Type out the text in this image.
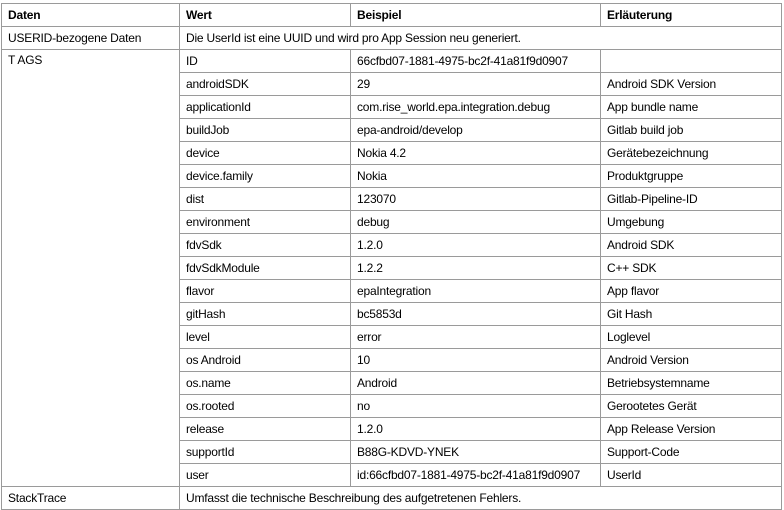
Daten	Wert	Beispiel	Erläuterung
USERID-bezogene Daten	Die UserId ist eine UUID und wird pro App Session neu generiert.		
T AGS	ID	66cfbd07-1881-4975-bc2f-41a81f9d0907	
	androidSDK	29	Android SDK Version
	applicationId	com.rise_world.epa.integration.debug	App bundle name
	buildJob	epa-android/develop	Gitlab build job
	device	Nokia 4.2	Gerätebezeichnung
	device.family	Nokia	Produktgruppe
	dist	123070	Gitlab-Pipeline-ID
	environment	debug	Umgebung
	fdvSdk	1.2.0	Android SDK
	fdvSdkModule	1.2.2	C++ SDK
	flavor	epaIntegration	App flavor
	gitHash	bc5853d	Git Hash
	level	error	Loglevel
	os Android	10	Android Version
	os.name	Android	Betriebsystemname
	os.rooted	no	Gerootetes Gerät
	release	1.2.0	App Release Version
	supportId	B88G-KDVD-YNEK	Support-Code
	user	id:66cfbd07-1881-4975-bc2f-41a81f9d0907	UserId
StackTrace	Umfasst die technische Beschreibung des aufgetretenen Fehlers.		
